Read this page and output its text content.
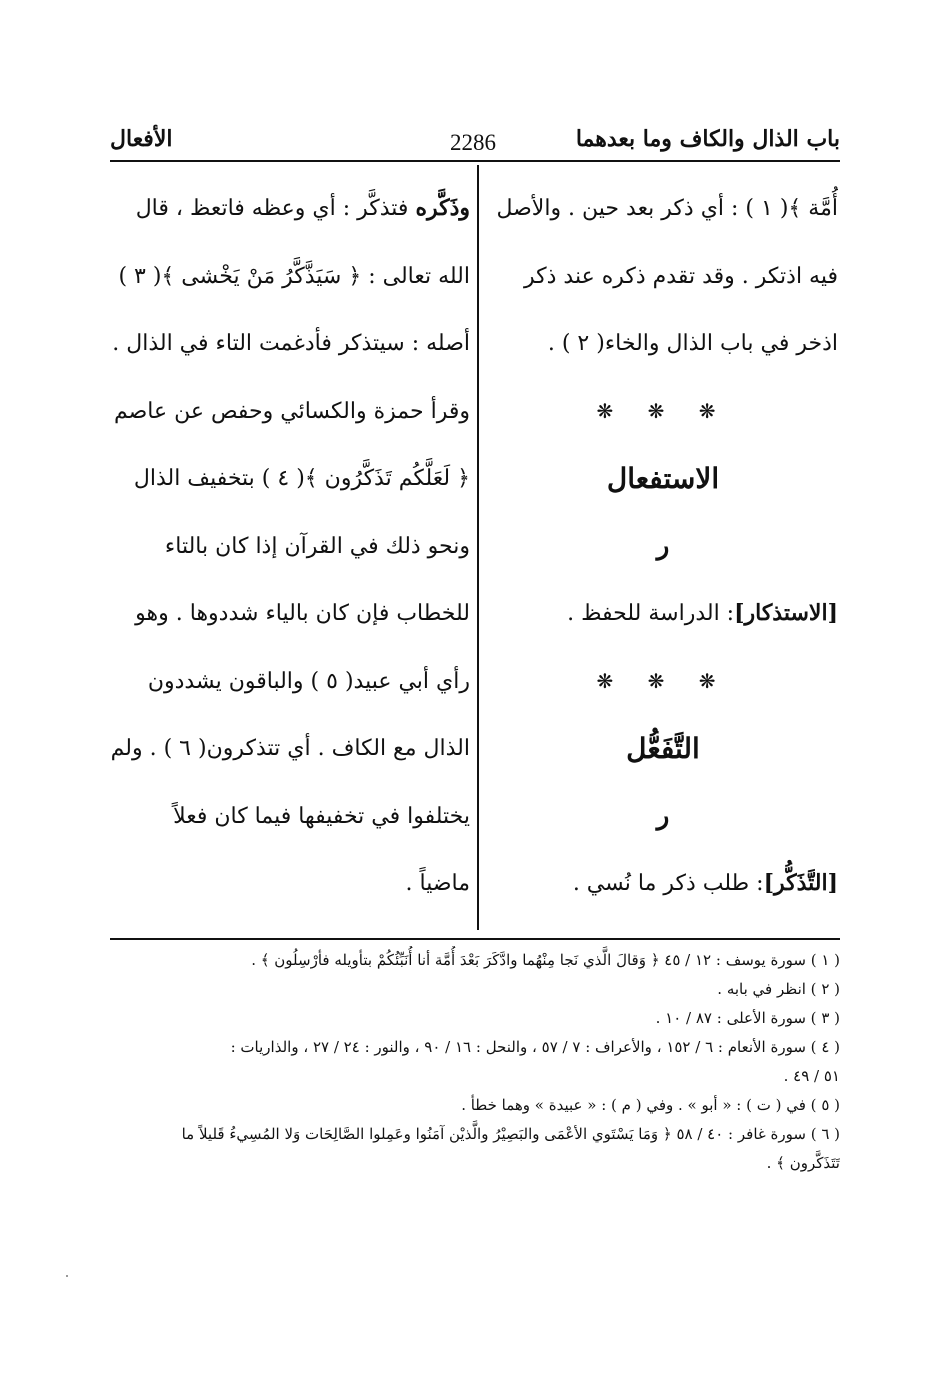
باب الذال والكاف وما بعدهما
2286
الأفعال
أُمَّة ﴾( ١ ) : أي ذكر بعد حين . والأصل
فيه اذتكر . وقد تقدم ذكره عند ذكر
اذخر في باب الذال والخاء( ٢ ) .
❋ ❋ ❋
الاستفعال
ر
[الاستذكار]: الدراسة للحفظ .
❋ ❋ ❋
التَّفَعُّل
ر
[التَّذَكُّر]: طلب ذكر ما نُسي .
وذَكَّره فتذكَّر : أي وعظه فاتعظ ، قال
الله تعالى : ﴿ سَيَذَّكَّرُ مَنْ يَخْشى ﴾( ٣ )
أصله : سيتذكر فأدغمت التاء في الذال .
وقرأ حمزة والكسائي وحفص عن عاصم
﴿ لَعَلَّكُم تَذَكَّرُون ﴾( ٤ ) بتخفيف الذال
ونحو ذلك في القرآن إذا كان بالتاء
للخطاب فإن كان بالياء شددوها . وهو
رأي أبي عبيد( ٥ ) والباقون يشددون
الذال مع الكاف . أي تتذكرون( ٦ ) . ولم
يختلفوا في تخفيفها فيما كان فعلاً
ماضياً .
( ١ ) سورة يوسف : ١٢ / ٤٥ ﴿ وَقالَ الَّذي نَجا مِنْهُما وادَّكَرَ بَعْدَ أُمَّة أنا أُنَبِّئُكُمْ بتأويله فأرْسِلُون ﴾ .
( ٢ ) انظر في بابه .
( ٣ ) سورة الأعلى : ٨٧ / ١٠ .
( ٤ ) سورة الأنعام : ٦ / ١٥٢ ، والأعراف : ٧ / ٥٧ ، والنحل : ١٦ / ٩٠ ، والنور : ٢٤ / ٢٧ ، والذاريات :
٥١ / ٤٩ .
( ٥ ) في ( ت ) : « أبو » . وفي ( م ) : « عبيدة » وهما خطأ .
( ٦ ) سورة غافر : ٤٠ / ٥٨ ﴿ وَمَا يَسْتَوي الأعْمَى والبَصِيْرُ والَّذيْن آمَنُوا وعَمِلوا الصَّالِحَات وَلا المُسِيءُ قَليلاً ما
تَتَذَكَّرون ﴾ .
